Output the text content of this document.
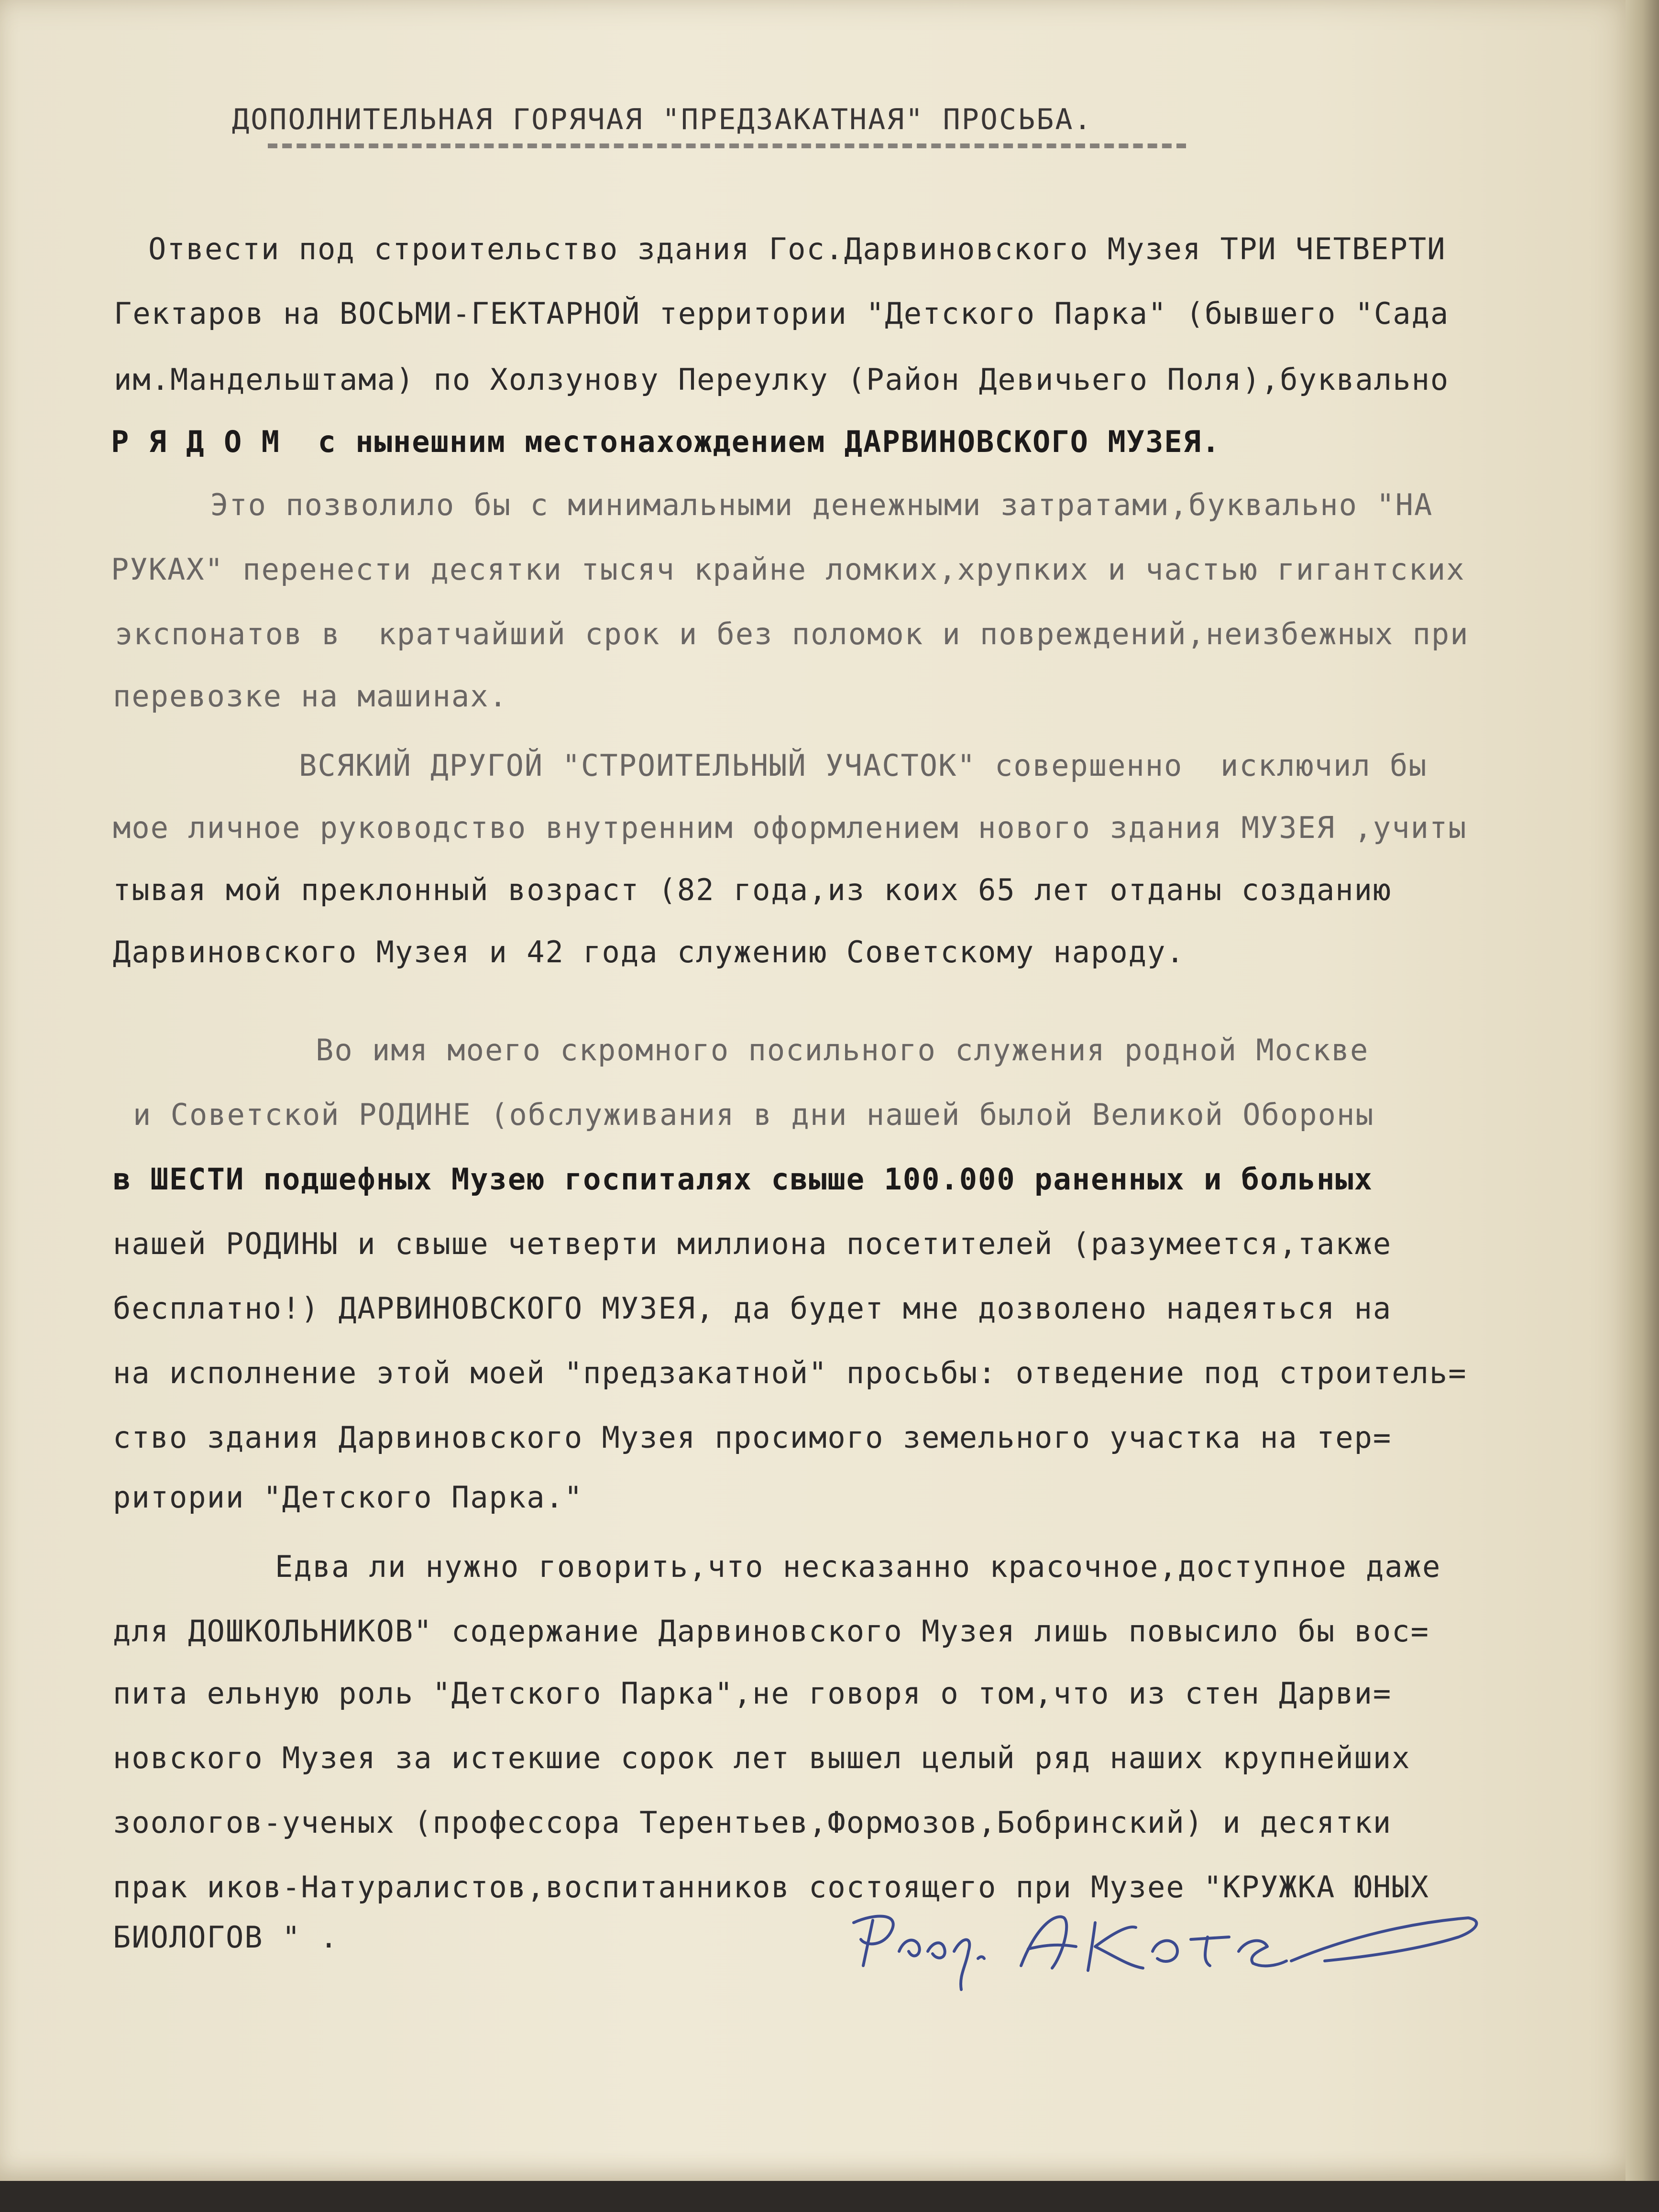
ДОПОЛНИТЕЛЬНАЯ ГОРЯЧАЯ "ПРЕДЗАКАТНАЯ" ПРОСЬБА.

Отвести под строительство здания Гос.Дарвиновского Музея ТРИ ЧЕТВЕРТИ

Гектаров на ВОСЬМИ-ГЕКТАРНОЙ территории "Детского Парка" (бывшего "Сада

им.Мандельштама) по Холзунову Переулку (Район Девичьего Поля),буквально

Р Я Д О М  с нынешним местонахождением ДАРВИНОВСКОГО МУЗЕЯ.

Это позволило бы с минимальными денежными затратами,буквально "НА

РУКАХ" перенести десятки тысяч крайне ломких,хрупких и частью гигантских

экспонатов в  кратчайший срок и без поломок и повреждений,неизбежных при

перевозке на машинах.

ВСЯКИЙ ДРУГОЙ "СТРОИТЕЛЬНЫЙ УЧАСТОК" совершенно  исключил бы

мое личное руководство внутренним оформлением нового здания МУЗЕЯ ,учиты

тывая мой преклонный возраст (82 года,из коих 65 лет отданы созданию

Дарвиновского Музея и 42 года служению Советскому народу.

Во имя моего скромного посильного служения родной Москве

и Советской РОДИНЕ (обслуживания в дни нашей былой Великой Обороны

в ШЕСТИ подшефных Музею госпиталях свыше 100.000 раненных и больных

нашей РОДИНЫ и свыше четверти миллиона посетителей (разумеется,также

бесплатно!) ДАРВИНОВСКОГО МУЗЕЯ, да будет мне дозволено надеяться на

на исполнение этой моей "предзакатной" просьбы: отведение под строитель=

ство здания Дарвиновского Музея просимого земельного участка на тер=

ритории "Детского Парка."

Едва ли нужно говорить,что несказанно красочное,доступное даже

для ДОШКОЛЬНИКОВ" содержание Дарвиновского Музея лишь повысило бы вос=

пита ельную роль "Детского Парка",не говоря о том,что из стен Дарви=

новского Музея за истекшие сорок лет вышел целый ряд наших крупнейших

зоологов-ученых (профессора Терентьев,Формозов,Бобринский) и десятки

прак иков-Натуралистов,воспитанников состоящего при Музее "КРУЖКА ЮНЫХ

БИОЛОГОВ " .
